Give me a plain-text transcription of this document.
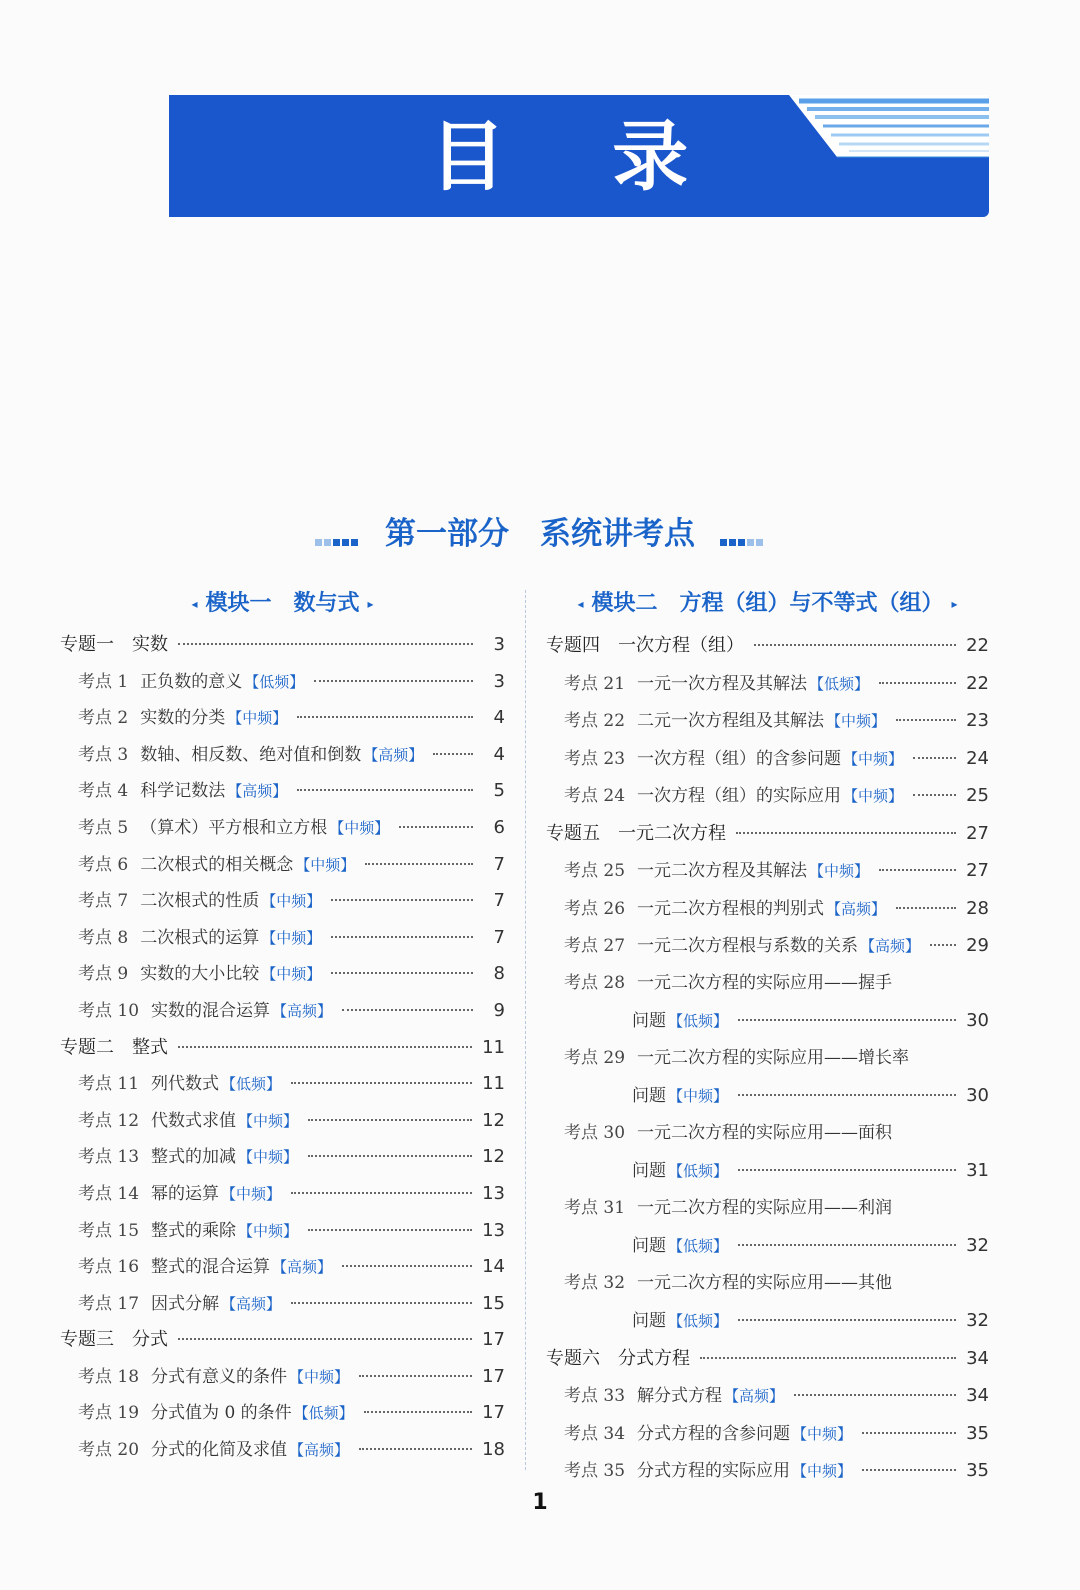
目 录
第一部分　系统讲考点
◂ 模块一　数与式 ▸
专题一 实数	3
考点 1 正负数的意义 【低频】	3
考点 2 实数的分类 【中频】	4
考点 3 数轴、相反数、绝对值和倒数 【高频】	4
考点 4 科学记数法 【高频】	5
考点 5 （算术）平方根和立方根 【中频】	6
考点 6 二次根式的相关概念 【中频】	7
考点 7 二次根式的性质 【中频】	7
考点 8 二次根式的运算 【中频】	7
考点 9 实数的大小比较 【中频】	8
考点 10 实数的混合运算 【高频】	9
专题二 整式	11
考点 11 列代数式 【低频】	11
考点 12 代数式求值 【中频】	12
考点 13 整式的加减 【中频】	12
考点 14 幂的运算 【中频】	13
考点 15 整式的乘除 【中频】	13
考点 16 整式的混合运算 【高频】	14
考点 17 因式分解 【高频】	15
专题三 分式	17
考点 18 分式有意义的条件 【中频】	17
考点 19 分式值为 0 的条件 【低频】	17
考点 20 分式的化简及求值 【高频】	18
◂ 模块二　方程（组）与不等式（组） ▸
专题四 一次方程（组）	22
考点 21 一元一次方程及其解法 【低频】	22
考点 22 二元一次方程组及其解法 【中频】	23
考点 23 一次方程（组）的含参问题 【中频】	24
考点 24 一次方程（组）的实际应用 【中频】	25
专题五 一元二次方程	27
考点 25 一元二次方程及其解法 【中频】	27
考点 26 一元二次方程根的判别式 【高频】	28
考点 27 一元二次方程根与系数的关系 【高频】	29
考点 28 一元二次方程的实际应用——握手
问题 【低频】	30
考点 29 一元二次方程的实际应用——增长率
问题 【中频】	30
考点 30 一元二次方程的实际应用——面积
问题 【低频】	31
考点 31 一元二次方程的实际应用——利润
问题 【低频】	32
考点 32 一元二次方程的实际应用——其他
问题 【低频】	32
专题六 分式方程	34
考点 33 解分式方程 【高频】	34
考点 34 分式方程的含参问题 【中频】	35
考点 35 分式方程的实际应用 【中频】	35
1
